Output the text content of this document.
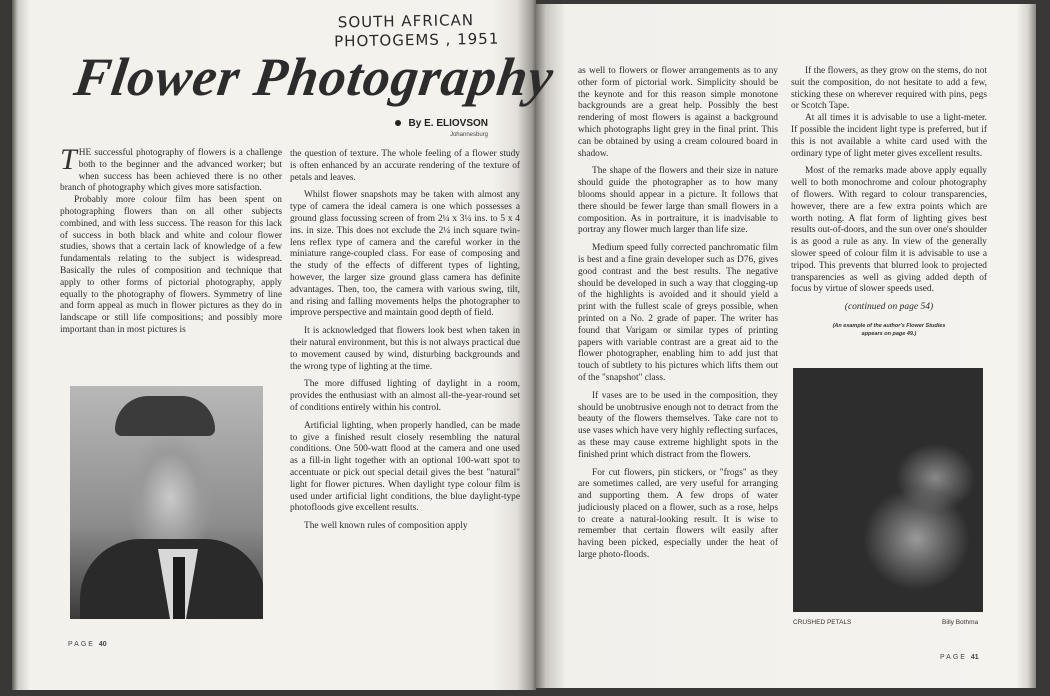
SOUTH AFRICAN
PHOTOGEMS , 1951
Flower Photography
By E. ELIOVSON
Johannesburg

THE successful photography of flowers is a challenge both to the beginner and the advanced worker; but when success has been achieved there is no other branch of photography which gives more satisfaction.

Probably more colour film has been spent on photographing flowers than on all other subjects combined, and with less success. The reason for this lack of success in both black and white and colour flower studies, shows that a certain lack of knowledge of a few fundamentals relating to the subject is widespread. Basically the rules of composition and technique that apply to other forms of pictorial photography, apply equally to the photography of flowers. Symmetry of line and form appeal as much in flower pictures as they do in landscape or still life compositions; and possibly more important than in most pictures is

the question of texture. The whole feeling of a flower study is often enhanced by an accurate rendering of the texture of petals and leaves.

Whilst flower snapshots may be taken with almost any type of camera the ideal camera is one which possesses a ground glass focussing screen of from 2¼ x 3¼ ins. to 5 x 4 ins. in size. This does not exclude the 2¼ inch square twin-lens reflex type of camera and the careful worker in the miniature range-coupled class. For ease of composing and the study of the effects of different types of lighting, however, the larger size ground glass camera has definite advantages. Then, too, the camera with various swing, tilt, and rising and falling movements helps the photographer to improve perspective and maintain good depth of field.

It is acknowledged that flowers look best when taken in their natural environment, but this is not always practical due to movement caused by wind, disturbing backgrounds and the wrong type of lighting at the time.

The more diffused lighting of daylight in a room, provides the enthusiast with an almost all-the-year-round set of conditions entirely within his control.

Artificial lighting, when properly handled, can be made to give a finished result closely resembling the natural conditions. One 500-watt flood at the camera and one used as a fill-in light together with an optional 100-watt spot to accentuate or pick out special detail gives the best "natural" light for flower pictures. When daylight type colour film is used under artificial light conditions, the blue daylight-type photofloods give excellent results.

The well known rules of composition apply

PAGE 40

as well to flowers or flower arrangements as to any other form of pictorial work. Simplicity should be the keynote and for this reason simple monotone backgrounds are a great help. Possibly the best rendering of most flowers is against a background which photographs light grey in the final print. This can be obtained by using a cream coloured board in shadow.

The shape of the flowers and their size in nature should guide the photographer as to how many blooms should appear in a picture. It follows that there should be fewer large than small flowers in a composition. As in portraiture, it is inadvisable to portray any flower much larger than life size.

Medium speed fully corrected panchromatic film is best and a fine grain developer such as D76, gives good contrast and the best results. The negative should be developed in such a way that clogging-up of the highlights is avoided and it should yield a print with the fullest scale of greys possible, when printed on a No. 2 grade of paper. The writer has found that Varigam or similar types of printing papers with variable contrast are a great aid to the flower photographer, enabling him to add just that touch of subtlety to his pictures which lifts them out of the "snapshot" class.

If vases are to be used in the composition, they should be unobtrusive enough not to detract from the beauty of the flowers themselves. Take care not to use vases which have very highly reflecting surfaces, as these may cause extreme highlight spots in the finished print which distract from the flowers.

For cut flowers, pin stickers, or "frogs" as they are sometimes called, are very useful for arranging and supporting them. A few drops of water judiciously placed on a flower, such as a rose, helps to create a natural-looking result. It is wise to remember that certain flowers wilt easily after having been picked, especially under the heat of large photo-floods.

If the flowers, as they grow on the stems, do not suit the composition, do not hesitate to add a few, sticking these on wherever required with pins, pegs or Scotch Tape.

At all times it is advisable to use a light-meter. If possible the incident light type is preferred, but if this is not available a white card used with the ordinary type of light meter gives excellent results.

Most of the remarks made above apply equally well to both monochrome and colour photography of flowers. With regard to colour transparencies, however, there are a few extra points which are worth noting. A flat form of lighting gives best results out-of-doors, and the sun over one's shoulder is as good a rule as any. In view of the generally slower speed of colour film it is advisable to use a tripod. This prevents that blurred look to projected transparencies as well as giving added depth of focus by virtue of slower speeds used.

(continued on page 54)
(An example of the author's Flower Studies
appears on page 49.)
CRUSHED PETALS	Billy Bothma
PAGE 41
